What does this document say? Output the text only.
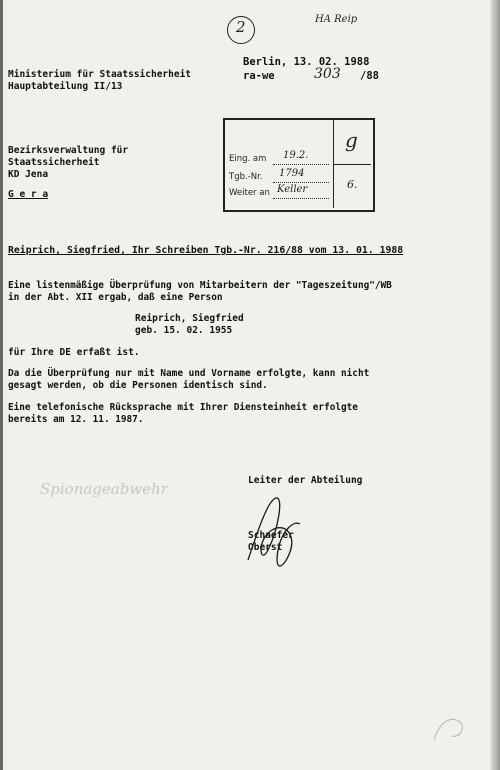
2	HA Reip
Ministerium für Staatssicherheit
Hauptabteilung II/13
Berlin, 13. 02. 1988
ra-we	303 /88
Bezirksverwaltung für
Staatssicherheit
KD Jena
G e r a
Eing. am 19.2.
Tgb.-Nr. 1794
Weiter an Keller
g
6.
Reiprich, Siegfried, Ihr Schreiben Tgb.-Nr. 216/88 vom 13. 01. 1988
Eine listenmäßige Überprüfung von Mitarbeitern der "Tageszeitung"/WB
in der Abt. XII ergab, daß eine Person
Reiprich, Siegfried
geb. 15. 02. 1955
für Ihre DE erfaßt ist.
Da die Überprüfung nur mit Name und Vorname erfolgte, kann nicht
gesagt werden, ob die Personen identisch sind.
Eine telefonische Rücksprache mit Ihrer Diensteinheit erfolgte
bereits am 12. 11. 1987.
Spionageabwehr	Leiter der Abteilung
Schaefer
Oberst
